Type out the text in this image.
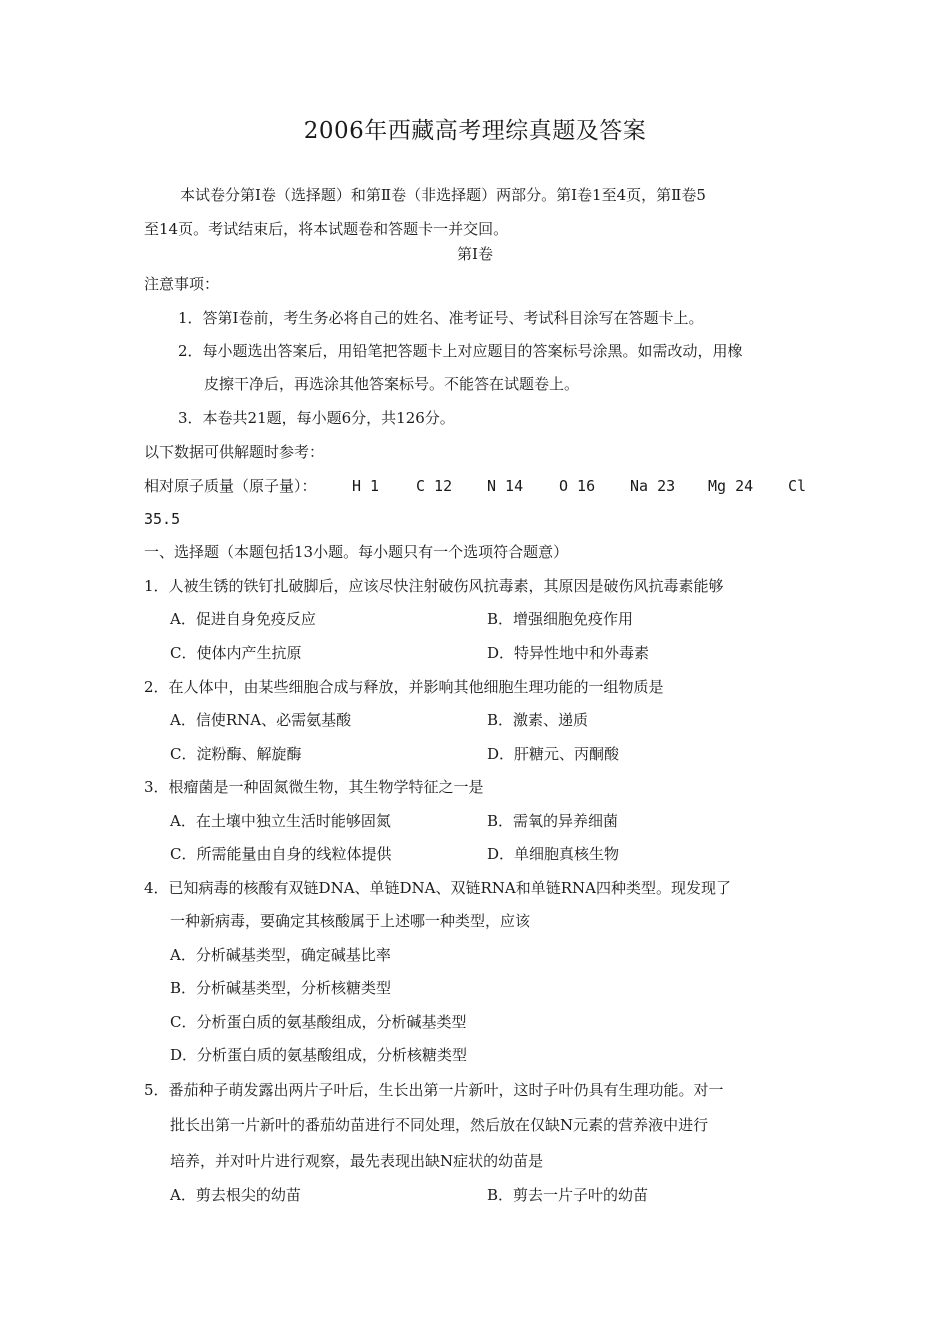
2006年西藏高考理综真题及答案
本试卷分第Ⅰ卷（选择题）和第Ⅱ卷（非选择题）两部分。第Ⅰ卷1至4页，第Ⅱ卷5
至14页。考试结束后，将本试题卷和答题卡一并交回。
第Ⅰ卷
注意事项：
1．答第Ⅰ卷前，考生务必将自己的姓名、准考证号、考试科目涂写在答题卡上。
2．每小题选出答案后，用铅笔把答题卡上对应题目的答案标号涂黑。如需改动，用橡
皮擦干净后，再选涂其他答案标号。不能答在试题卷上。
3．本卷共21题，每小题6分，共126分。
以下数据可供解题时参考：
相对原子质量（原子量）： H 1 C 12 N 14 O 16 Na 23 Mg 24 Cl
35.5
一、选择题（本题包括13小题。每小题只有一个选项符合题意）
1．人被生锈的铁钉扎破脚后，应该尽快注射破伤风抗毒素，其原因是破伤风抗毒素能够
A．促进自身免疫反应	B．增强细胞免疫作用
C．使体内产生抗原	D．特异性地中和外毒素
2．在人体中，由某些细胞合成与释放，并影响其他细胞生理功能的一组物质是
A．信使RNA、必需氨基酸	B．激素、递质
C．淀粉酶、解旋酶	D．肝糖元、丙酮酸
3．根瘤菌是一种固氮微生物，其生物学特征之一是
A．在土壤中独立生活时能够固氮	B．需氧的异养细菌
C．所需能量由自身的线粒体提供	D．单细胞真核生物
4．已知病毒的核酸有双链DNA、单链DNA、双链RNA和单链RNA四种类型。现发现了
一种新病毒，要确定其核酸属于上述哪一种类型，应该
A．分析碱基类型，确定碱基比率
B．分析碱基类型，分析核糖类型
C．分析蛋白质的氨基酸组成，分析碱基类型
D．分析蛋白质的氨基酸组成，分析核糖类型
5．番茄种子萌发露出两片子叶后，生长出第一片新叶，这时子叶仍具有生理功能。对一
批长出第一片新叶的番茄幼苗进行不同处理，然后放在仅缺N元素的营养液中进行
培养，并对叶片进行观察，最先表现出缺N症状的幼苗是
A．剪去根尖的幼苗	B．剪去一片子叶的幼苗
